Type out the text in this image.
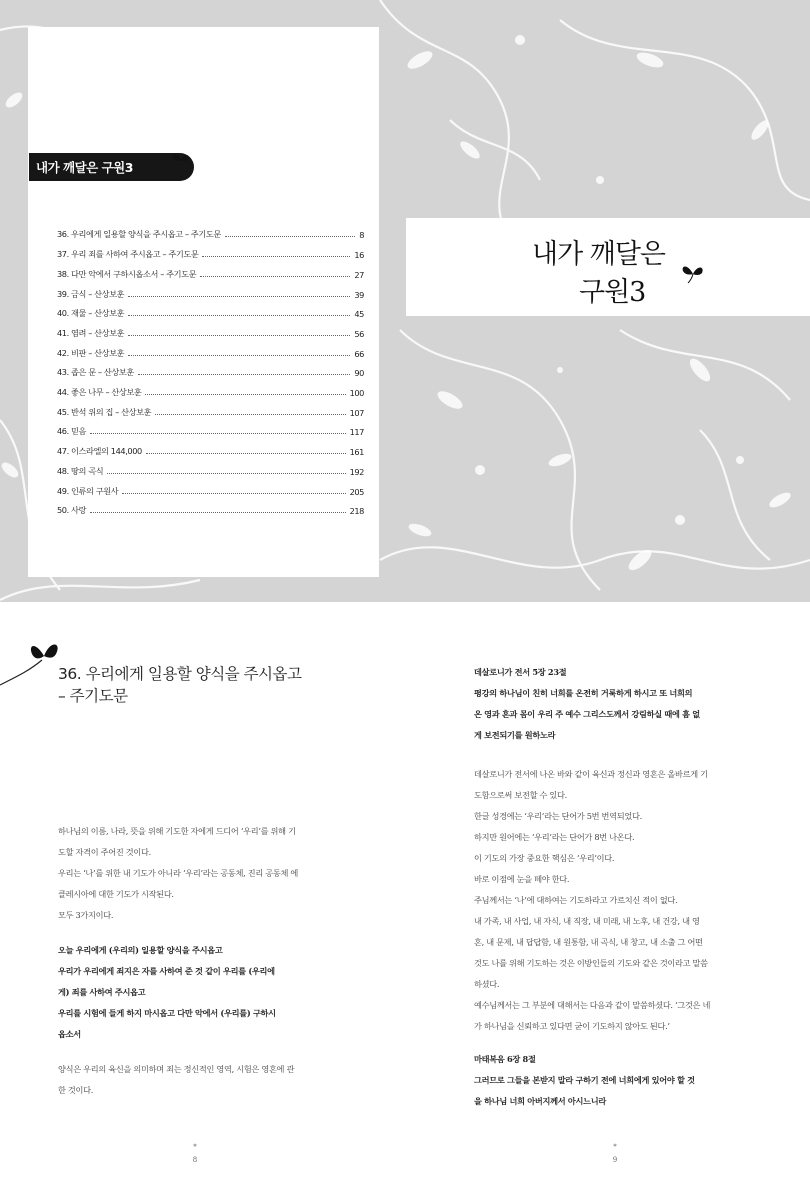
내가 깨달은 구원3
36. 우리에게 일용할 양식을 주시옵고 – 주기도문	8
37. 우리 죄를 사하여 주시옵고 – 주기도문	16
38. 다만 악에서 구하시옵소서 – 주기도문	27
39. 금식 – 산상보훈	39
40. 재물 – 산상보훈	45
41. 염려 – 산상보훈	56
42. 비판 – 산상보훈	66
43. 좁은 문 – 산상보훈	90
44. 좋은 나무 – 산상보훈	100
45. 반석 위의 집 – 산상보훈	107
46. 믿음	117
47. 이스라엘의 144,000	161
48. 땅의 곡식	192
49. 인류의 구원사	205
50. 사랑	218
내가 깨달은
구원3
36. 우리에게 일용할 양식을 주시옵고
– 주기도문
하나님의 이름, 나라, 뜻을 위해 기도한 자에게 드디어 ‘우리’를 위해 기
도할 자격이 주어진 것이다.
우리는 ‘나’를 위한 내 기도가 아니라 ‘우리’라는 공동체, 진리 공동체 에
클레시아에 대한 기도가 시작된다.
모두 3가지이다.
오늘 우리에게 (우리의) 일용할 양식을 주시옵고
우리가 우리에게 죄지은 자를 사하여 준 것 같이 우리를 (우리에
게) 죄를 사하여 주시옵고
우리를 시험에 들게 하지 마시옵고 다만 악에서 (우리를) 구하시
옵소서
양식은 우리의 육신을 의미하며 죄는 정신적인 영역, 시험은 영혼에 관
한 것이다.
*
8
데살로니가 전서 5장 23절
평강의 하나님이 친히 너희를 온전히 거룩하게 하시고 또 너희의
온 영과 혼과 몸이 우리 주 예수 그리스도께서 강림하실 때에 흠 없
게 보전되기를 원하노라
데살로니가 전서에 나온 바와 같이 육신과 정신과 영혼은 올바르게 기
도함으로써 보전할 수 있다.
한글 성경에는 ‘우리’라는 단어가 5번 번역되었다.
하지만 원어에는 ‘우리’라는 단어가 8번 나온다.
이 기도의 가장 중요한 핵심은 ‘우리’이다.
바로 이점에 눈을 떼야 한다.
주님께서는 ‘나’에 대하여는 기도하라고 가르치신 적이 없다.
내 가족, 내 사업, 내 자식, 내 직장, 내 미래, 내 노후, 내 건강, 내 영
혼, 내 문제, 내 답답함, 내 원통함, 내 곡식, 내 창고, 내 소출 그 어떤
것도 나를 위해 기도하는 것은 이방인들의 기도와 같은 것이라고 말씀
하셨다.
예수님께서는 그 부분에 대해서는 다음과 같이 말씀하셨다. ‘그것은 네
가 하나님을 신뢰하고 있다면 굳이 기도하지 않아도 된다.’
마태복음 6장 8절
그러므로 그들을 본받지 말라 구하기 전에 너희에게 있어야 할 것
을 하나님 너희 아버지께서 아시느니라
*
9
